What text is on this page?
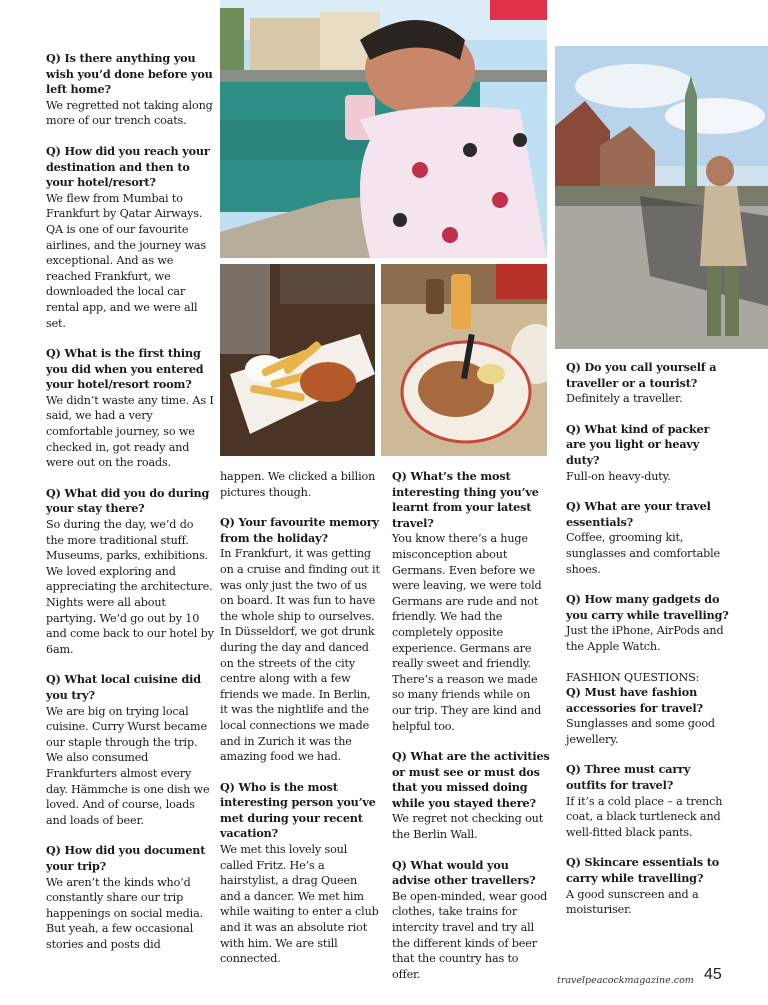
Q) Is there anything you wish you’d done before you left home?
We regretted not taking along more of our trench coats.

Q) How did you reach your destination and then to your hotel/resort?
We flew from Mumbai to Frankfurt by Qatar Airways. QA is one of our favourite airlines, and the journey was exceptional. And as we reached Frankfurt, we downloaded the local car rental app, and we were all set.

Q) What is the first thing you did when you entered your hotel/resort room?
We didn’t waste any time. As I said, we had a very comfortable journey, so we checked in, got ready and were out on the roads.

Q) What did you do during your stay there?
So during the day, we’d do the more traditional stuff. Museums, parks, exhibitions. We loved exploring and appreciating the architecture. Nights were all about partying. We’d go out by 10 and come back to our hotel by 6am.

Q) What local cuisine did you try?
We are big on trying local cuisine. Curry Wurst became our staple through the trip. We also consumed Frankfurters almost every day. Hämmche is one dish we loved. And of course, loads and loads of beer.

Q) How did you document your trip?
We aren’t the kinds who’d constantly share our trip happenings on social media. But yeah, a few occasional stories and posts did

happen. We clicked a billion pictures though.

Q) Your favourite memory from the holiday?
In Frankfurt, it was getting on a cruise and finding out it was only just the two of us on board. It was fun to have the whole ship to ourselves. In Düsseldorf, we got drunk during the day and danced on the streets of the city centre along with a few friends we made. In Berlin, it was the nightlife and the local connections we made and in Zurich it was the amazing food we had.

Q) Who is the most interesting person you’ve met during your recent vacation?
We met this lovely soul called Fritz. He’s a hairstylist, a drag Queen and a dancer. We met him while waiting to enter a club and it was an absolute riot with him. We are still connected.

Q) What’s the most interesting thing you’ve learnt from your latest travel?
You know there’s a huge misconception about Germans. Even before we were leaving, we were told Germans are rude and not friendly. We had the completely opposite experience. Germans are really sweet and friendly. There’s a reason we made so many friends while on our trip. They are kind and helpful too.

Q) What are the activities or must see or must dos that you missed doing while you stayed there?
We regret not checking out the Berlin Wall.

Q) What would you advise other travellers?
Be open-minded, wear good clothes, take trains for intercity travel and try all the different kinds of beer that the country has to offer.

Q) Do you call yourself a traveller or a tourist?
Definitely a traveller.

Q) What kind of packer are you light or heavy duty?
Full-on heavy-duty.

Q) What are your travel essentials?
Coffee, grooming kit, sunglasses and comfortable shoes.

Q) How many gadgets do you carry while travelling?
Just the iPhone, AirPods and the Apple Watch.

FASHION QUESTIONS:

Q) Must have fashion accessories for travel?
Sunglasses and some good jewellery.

Q) Three must carry outfits for travel?
If it’s a cold place – a trench coat, a black turtleneck and well-fitted black pants.

Q) Skincare essentials to carry while travelling?
A good sunscreen and a moisturiser.

travelpeacockmagazine.com 45
